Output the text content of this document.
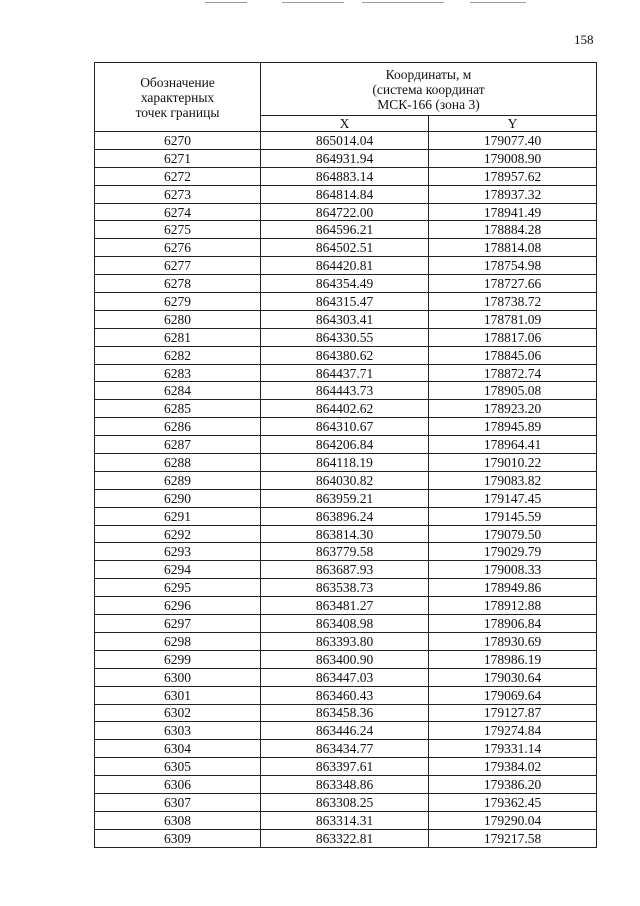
158
Обозначение
характерных
точек границы	Координаты, м
(система координат
МСК-166 (зона 3)	

	X	Y
6270	865014.04	179077.40
6271	864931.94	179008.90
6272	864883.14	178957.62
6273	864814.84	178937.32
6274	864722.00	178941.49
6275	864596.21	178884.28
6276	864502.51	178814.08
6277	864420.81	178754.98
6278	864354.49	178727.66
6279	864315.47	178738.72
6280	864303.41	178781.09
6281	864330.55	178817.06
6282	864380.62	178845.06
6283	864437.71	178872.74
6284	864443.73	178905.08
6285	864402.62	178923.20
6286	864310.67	178945.89
6287	864206.84	178964.41
6288	864118.19	179010.22
6289	864030.82	179083.82
6290	863959.21	179147.45
6291	863896.24	179145.59
6292	863814.30	179079.50
6293	863779.58	179029.79
6294	863687.93	179008.33
6295	863538.73	178949.86
6296	863481.27	178912.88
6297	863408.98	178906.84
6298	863393.80	178930.69
6299	863400.90	178986.19
6300	863447.03	179030.64
6301	863460.43	179069.64
6302	863458.36	179127.87
6303	863446.24	179274.84
6304	863434.77	179331.14
6305	863397.61	179384.02
6306	863348.86	179386.20
6307	863308.25	179362.45
6308	863314.31	179290.04
6309	863322.81	179217.58
